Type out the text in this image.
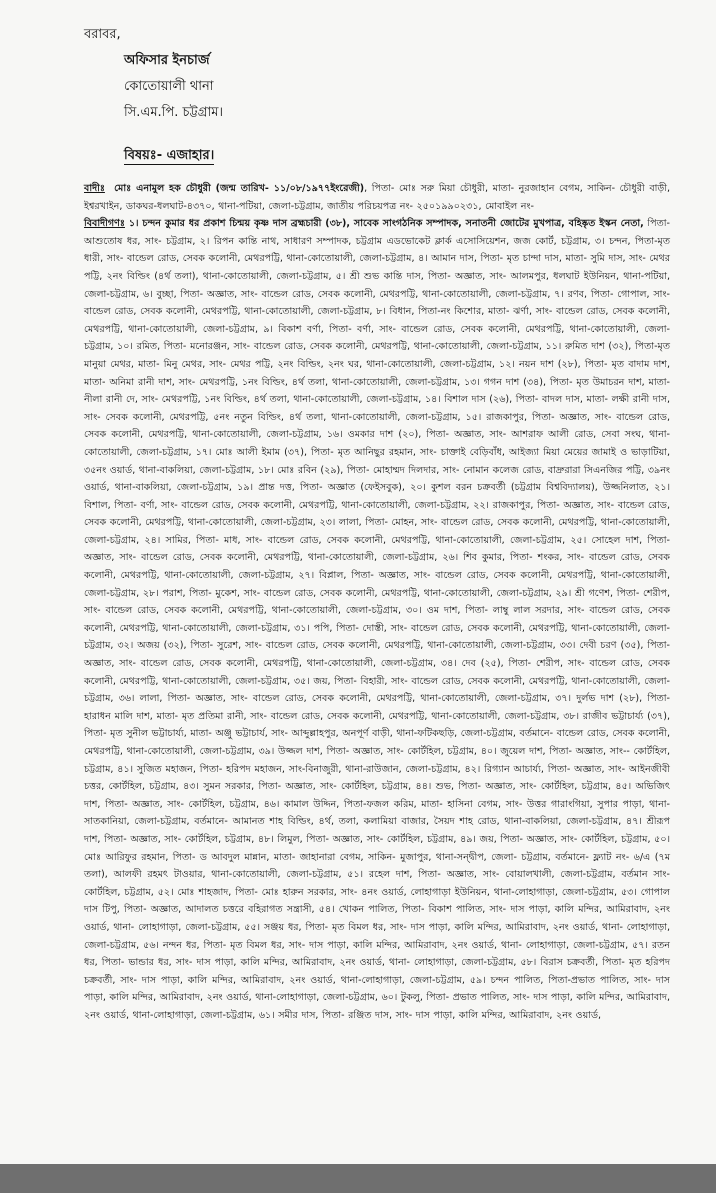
বরাবর,
অফিসার ইনচার্জ
কোতোয়ালী থানা
সি.এম.পি. চট্টগ্রাম।
বিষয়ঃ- এজাহার।

বাদীঃ মোঃ এনামুল হক চৌধুরী (জন্ম তারিখ- ১১/০৮/১৯৭৭ইংরেজী), পিতা- মোঃ সরু মিয়া চৌধুরী, মাতা- নুরজাহান বেগম, সাকিন- চৌধুরী বাড়ী, ইশ্বরখাইন, ডাকঘর-ধলঘাট-৪৩৭০, থানা-পটিয়া, জেলা-চট্টগ্রাম, জাতীয় পরিচয়পত্র নং- ২৫০১৯৯০২৩১, মোবাইল নং-

বিবাদীগণঃ ১। চন্দন কুমার ধর প্রকাশ চিন্ময় কৃষ্ণ দাস ব্রহ্মচারী (৩৮), সাবেক সাংগঠনিক সম্পাদক, সনাতনী জোটের মুখপাত্র, বহিষ্কৃত ইস্কন নেতা, পিতা- আশুতোষ ধর, সাং- চট্টগ্রাম, ২। রিপন কান্তি নাথ, সাধারণ সম্পাদক, চট্টগ্রাম এডভোকেট ক্লার্ক এসোসিয়েশন, জজ কোর্ট, চট্টগ্রাম, ৩। চন্দন, পিতা-মৃত ধারী, সাং- বান্ডেল রোড, সেবক কলোনী, মেথরপট্টি, থানা-কোতোয়ালী, জেলা-চট্টগ্রাম, ৪। আমান দাস, পিতা- মৃত চান্দা দাস, মাতা- সুমি দাস, সাং- মেথর পট্টি, ২নং বিল্ডিং (৪র্থ তলা), থানা-কোতোয়ালী, জেলা-চট্টগ্রাম, ৫। শ্রী শুভ কান্তি দাস, পিতা- অজ্ঞাত, সাং- আলমপুর, ধলঘাট ইউনিয়ন, থানা-পটিয়া, জেলা-চট্টগ্রাম, ৬। বুচ্ছা, পিতা- অজ্ঞাত, সাং- বান্ডেল রোড, সেবক কলোনী, মেথরপট্টি, থানা-কোতোয়ালী, জেলা-চট্টগ্রাম, ৭। রণব, পিতা- গোপাল, সাং- বান্ডেল রোড, সেবক কলোনী, মেথরপট্টি, থানা-কোতোয়ালী, জেলা-চট্টগ্রাম, ৮। বিধান, পিতা-নং কিশোর, মাতা- ঝর্ণা, সাং- বান্ডেল রোড, সেবক কলোনী, মেথরপট্টি, থানা-কোতোয়ালী, জেলা-চট্টগ্রাম, ৯। বিকাশ বর্ণা, পিতা- বর্ণা, সাং- বান্ডেল রোড, সেবক কলোনী, মেথরপট্টি, থানা-কোতোয়ালী, জেলা-চট্টগ্রাম, ১০। রমিত, পিতা- মনোরঞ্জন, সাং- বান্ডেল রোড, সেবক কলোনী, মেথরপট্টি, থানা-কোতোয়ালী, জেলা-চট্টগ্রাম, ১১। রুমিত দাশ (৩২), পিতা-মৃত মানুয়া মেথর, মাতা- মিনু মেথর, সাং- মেথর পট্টি, ২নং বিল্ডিং, ২নং ঘর, থানা-কোতোয়ালী, জেলা-চট্টগ্রাম, ১২। নয়ন দাশ (২৮), পিতা- মৃত বাদাম দাশ, মাতা- অনিমা রানী দাশ, সাং- মেথরপট্টি, ১নং বিল্ডিং, ৪র্থ তলা, থানা-কোতোয়ালী, জেলা-চট্টগ্রাম, ১৩। গগন দাশ (৩৪), পিতা- মৃত উমাচরন দাশ, মাতা- নীলা রানী দে, সাং- মেথরপট্টি, ১নং বিল্ডিং, ৪র্থ তলা, থানা-কোতোয়ালী, জেলা-চট্টগ্রাম, ১৪। বিশাল দাস (২৬), পিতা- বাদল দাস, মাতা- লক্ষী রানী দাস, সাং- সেবক কলোনী, মেথরপট্টি, ৫নং নতুন বিল্ডিং, ৪র্থ তলা, থানা-কোতোয়ালী, জেলা-চট্টগ্রাম, ১৫। রাজকাপুর, পিতা- অজ্ঞাত, সাং- বান্ডেল রোড, সেবক কলোনী, মেথরপট্টি, থানা-কোতোয়ালী, জেলা-চট্টগ্রাম, ১৬। ওমকার দাশ (২০), পিতা- অজ্ঞাত, সাং- আশরাফ আলী রোড, সেবা সংঘ, থানা-কোতোয়ালী, জেলা-চট্টগ্রাম, ১৭। মোঃ আলী ইমাম (৩৭), পিতা- মৃত আনিছুর রহমান, সাং- চাক্তাই বেড়িবাঁধ, আইজ্যা মিয়া মেয়ের জামাই ও ভাড়াটিয়া, ৩৫নং ওয়ার্ড, থানা-বাকলিয়া, জেলা-চট্টগ্রাম, ১৮। মোঃ রবিন (২৯), পিতা- মোহাম্মদ দিলদার, সাং- নোমান কলেজ রোড, বাদ্রুরারা সিএনজির পট্টি, ৩৯নং ওয়ার্ড, থানা-বাকলিয়া, জেলা-চট্টগ্রাম, ১৯। প্রান্ত দত্ত, পিতা- অজ্ঞাত (ফেইসবুক), ২০। কুশল বরন চক্রবর্তী (চট্টগ্রাম বিশ্ববিদ্যালয়), উজ্জনিলাত, ২১। বিশাল, পিতা- বর্ণা, সাং- বান্ডেল রোড, সেবক কলোনী, মেথরপট্টি, থানা-কোতোয়ালী, জেলা-চট্টগ্রাম, ২২। রাজকাপুর, পিতা- অজ্ঞাত, সাং- বান্ডেল রোড, সেবক কলোনী, মেথরপট্টি, থানা-কোতোয়ালী, জেলা-চট্টগ্রাম, ২৩। লালা, পিতা- মোহন, সাং- বান্ডেল রোড, সেবক কলোনী, মেথরপট্টি, থানা-কোতোয়ালী, জেলা-চট্টগ্রাম, ২৪। সামির, পিতা- মাধ, সাং- বান্ডেল রোড, সেবক কলোনী, মেথরপট্টি, থানা-কোতোয়ালী, জেলা-চট্টগ্রাম, ২৫। সোহেল দাশ, পিতা- অজ্ঞাত, সাং- বান্ডেল রোড, সেবক কলোনী, মেথরপট্টি, থানা-কোতোয়ালী, জেলা-চট্টগ্রাম, ২৬। শিব কুমার, পিতা- শংকর, সাং- বান্ডেল রোড, সেবক কলোনী, মেথরপট্টি, থানা-কোতোয়ালী, জেলা-চট্টগ্রাম, ২৭। বিপ্লাল, পিতা- অজ্ঞাত, সাং- বান্ডেল রোড, সেবক কলোনী, মেথরপট্টি, থানা-কোতোয়ালী, জেলা-চট্টগ্রাম, ২৮। পরাশ, পিতা- মুকেশ, সাং- বান্ডেল রোড, সেবক কলোনী, মেথরপট্টি, থানা-কোতোয়ালী, জেলা-চট্টগ্রাম, ২৯। শ্রী গণেশ, পিতা- শেরীপ, সাং- বান্ডেল রোড, সেবক কলোনী, মেথরপট্টি, থানা-কোতোয়ালী, জেলা-চট্টগ্রাম, ৩০। ওম দাশ, পিতা- লাম্বু লাল সরদার, সাং- বান্ডেল রোড, সেবক কলোনী, মেথরপট্টি, থানা-কোতোয়ালী, জেলা-চট্টগ্রাম, ৩১। পপি, পিতা- দোস্তী, সাং- বান্ডেল রোড, সেবক কলোনী, মেথরপট্টি, থানা-কোতোয়ালী, জেলা-চট্টগ্রাম, ৩২। অজয় (৩২), পিতা- সুরেশ, সাং- বান্ডেল রোড, সেবক কলোনী, মেথরপট্টি, থানা-কোতোয়ালী, জেলা-চট্টগ্রাম, ৩৩। দেবী চরণ (৩৫), পিতা- অজ্ঞাত, সাং- বান্ডেল রোড, সেবক কলোনী, মেথরপট্টি, থানা-কোতোয়ালী, জেলা-চট্টগ্রাম, ৩৪। দেব (২৫), পিতা- শেরীপ, সাং- বান্ডেল রোড, সেবক কলোনী, মেথরপট্টি, থানা-কোতোয়ালী, জেলা-চট্টগ্রাম, ৩৫। জয়, পিতা- বিহারী, সাং- বান্ডেল রোড, সেবক কলোনী, মেথরপট্টি, থানা-কোতোয়ালী, জেলা-চট্টগ্রাম, ৩৬। লালা, পিতা- অজ্ঞাত, সাং- বান্ডেল রোড, সেবক কলোনী, মেথরপট্টি, থানা-কোতোয়ালী, জেলা-চট্টগ্রাম, ৩৭। দুর্লভ দাশ (২৮), পিতা- হারাধন মালি দাশ, মাতা- মৃত প্রতিমা রানী, সাং- বান্ডেল রোড, সেবক কলোনী, মেথরপট্টি, থানা-কোতোয়ালী, জেলা-চট্টগ্রাম, ৩৮। রাজীব ভট্টাচার্য্য (৩৭), পিতা- মৃত সুনীল ভট্টাচার্য্য, মাতা- অঞ্জু ভট্টাচার্য, সাং- আব্দুল্লাহপুর, অনপূর্ণ বাড়ী, থানা-ফটিকছড়ি, জেলা-চট্টগ্রাম, বর্তমানে- বান্ডেল রোড, সেবক কলোনী, মেথরপট্টি, থানা-কোতোয়ালী, জেলা-চট্টগ্রাম, ৩৯। উজ্জল দাশ, পিতা- অজ্ঞাত, সাং- কোর্টহিল, চট্টগ্রাম, ৪০। জুয়েল দাশ, পিতা- অজ্ঞাত, সাং-- কোর্টহিল, চট্টগ্রাম, ৪১। সুজিত মহাজন, পিতা- হরিপদ মহাজন, সাং-বিনাজুরী, থানা-রাউজান, জেলা-চট্টগ্রাম, ৪২। রিগ্যান আচার্য্য, পিতা- অজ্ঞাত, সাং- আইনজীবী চত্তর, কোর্টহিল, চট্টগ্রাম, ৪৩। সুমন সরকার, পিতা- অজ্ঞাত, সাং- কোর্টহিল, চট্টগ্রাম, ৪৪। শুভ, পিতা- অজ্ঞাত, সাং- কোর্টহিল, চট্টগ্রাম, ৪৫। অভিজিৎ দাশ, পিতা- অজ্ঞাত, সাং- কোর্টহিল, চট্টগ্রাম, ৪৬। কামাল উদ্দিন, পিতা-ফজল করিম, মাতা- হাসিনা বেগম, সাং- উত্তর গারাংগিয়া, সুপার পাড়া, থানা-সাতকানিয়া, জেলা-চট্টগ্রাম, বর্তমানে- আমানত শাহ বিল্ডিং, ৪র্থ, তলা, কলামিয়া বাজার, সৈয়দ শাহ রোড, থানা-বাকলিয়া, জেলা-চট্টগ্রাম, ৪৭। শ্রীরূপ দাশ, পিতা- অজ্ঞাত, সাং- কোর্টহিল, চট্টগ্রাম, ৪৮। লিমুল, পিতা- অজ্ঞাত, সাং- কোর্টহিল, চট্টগ্রাম, ৪৯। জয়, পিতা- অজ্ঞাত, সাং- কোর্টহিল, চট্টগ্রাম, ৫০। মোঃ আরিফুর রহমান, পিতা- ড আবদুল মান্নান, মাতা- জাহানারা বেগম, সাকিন- মুজাপুর, থানা-সন্দ্বীপ, জেলা- চট্টগ্রাম, বর্তমানে- ফ্ল্যাট নং- ৬/এ (৭ম তলা), আলফী রহমৎ টাওয়ার, থানা-কোতোয়ালী, জেলা-চট্টগ্রাম, ৫১। রহেল দাশ, পিতা- অজ্ঞাত, সাং- বোয়ালখালী, জেলা-চট্টগ্রাম, বর্তমান সাং- কোর্টহিল, চট্টগ্রাম, ৫২। মোঃ শাহজাদ, পিতা- মোঃ হারুন সরকার, সাং- ৪নং ওয়ার্ড, লোহাগাড়া ইউনিয়ন, থানা-লোহাগাড়া, জেলা-চট্টগ্রাম, ৫৩। গোপাল দাস টিপু, পিতা- অজ্ঞাত, আদালত চত্তরে বহিরাগত সন্ত্রাসী, ৫৪। খোকন পালিত, পিতা- বিকাশ পালিত, সাং- দাস পাড়া, কালি মন্দির, আমিরাবাদ, ২নং ওয়ার্ড, থানা- লোহাগাড়া, জেলা-চট্টগ্রাম, ৫৫। সঞ্জয় ধর, পিতা- মৃত বিমল ধর, সাং- দাস পাড়া, কালি মন্দির, আমিরাবাদ, ২নং ওয়ার্ড, থানা- লোহাগাড়া, জেলা-চট্টগ্রাম, ৫৬। নন্দন ধর, পিতা- মৃত বিমল ধর, সাং- দাস পাড়া, কালি মন্দির, আমিরাবাদ, ২নং ওয়ার্ড, থানা- লোহাগাড়া, জেলা-চট্টগ্রাম, ৫৭। রতন ধর, পিতা- ভান্ডার ধর, সাং- দাস পাড়া, কালি মন্দির, আমিরাবাদ, ২নং ওয়ার্ড, থানা- লোহাগাড়া, জেলা-চট্টগ্রাম, ৫৮। বিরাস চক্রবর্তী, পিতা- মৃত হরিপদ চক্রবর্তী, সাং- দাস পাড়া, কালি মন্দির, আমিরাবাদ, ২নং ওয়ার্ড, থানা-লোহাগাড়া, জেলা-চট্টগ্রাম, ৫৯। চন্দন পালিত, পিতা-প্রভাত পালিত, সাং- দাস পাড়া, কালি মন্দির, আমিরাবাদ, ২নং ওয়ার্ড, থানা-লোহাগাড়া, জেলা-চট্টগ্রাম, ৬০। টুকলু, পিতা- প্রভাত পালিত, সাং- দাস পাড়া, কালি মন্দির, আমিরাবাদ, ২নং ওয়ার্ড, থানা-লোহাগাড়া, জেলা-চট্টগ্রাম, ৬১। সমীর দাস, পিতা- রঞ্জিত দাস, সাং- দাস পাড়া, কালি মন্দির, আমিরাবাদ, ২নং ওয়ার্ড,
